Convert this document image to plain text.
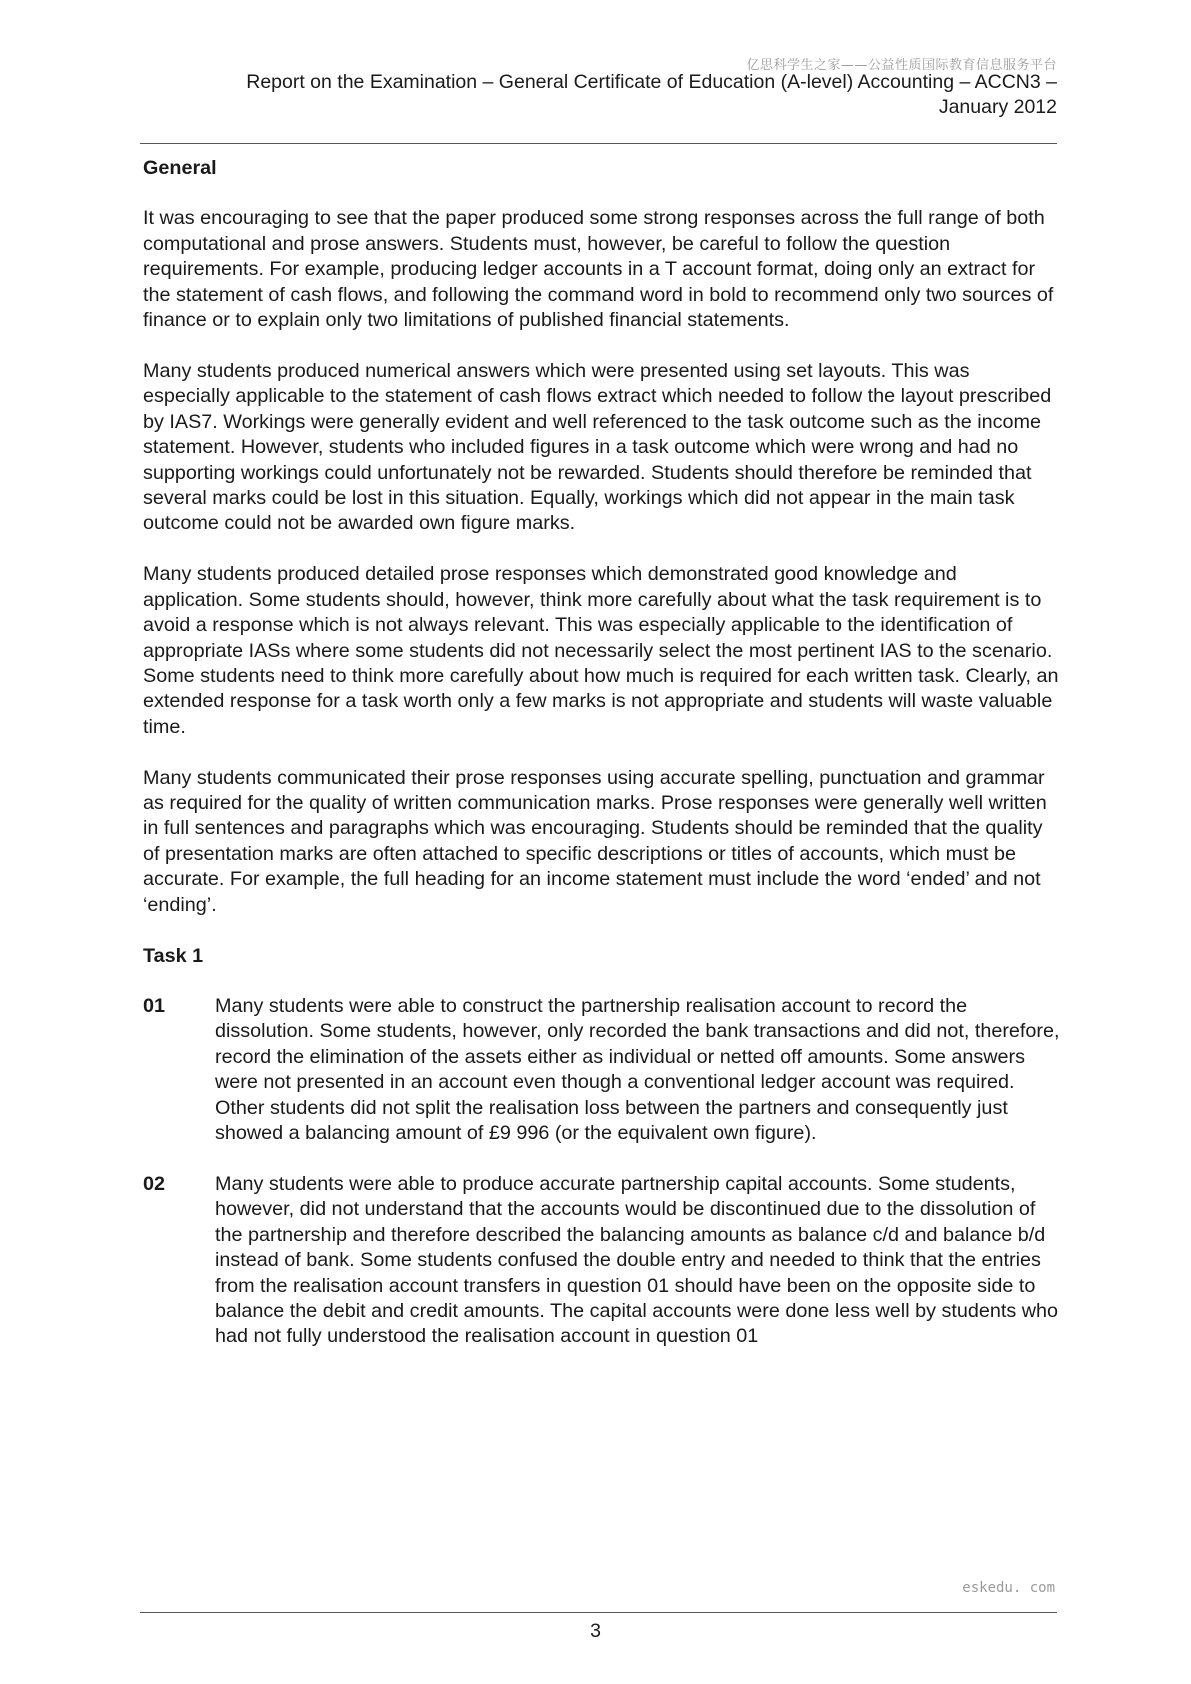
亿思科学生之家——公益性质国际教育信息服务平台
Report on the Examination – General Certificate of Education (A-level) Accounting – ACCN3 –
January 2012
General

It was encouraging to see that the paper produced some strong responses across the full range of both computational and prose answers. Students must, however, be careful to follow the question requirements. For example, producing ledger accounts in a T account format, doing only an extract for the statement of cash flows, and following the command word in bold to recommend only two sources of finance or to explain only two limitations of published financial statements.

Many students produced numerical answers which were presented using set layouts. This was especially applicable to the statement of cash flows extract which needed to follow the layout prescribed by IAS7. Workings were generally evident and well referenced to the task outcome such as the income statement. However, students who included figures in a task outcome which were wrong and had no supporting workings could unfortunately not be rewarded. Students should therefore be reminded that several marks could be lost in this situation. Equally, workings which did not appear in the main task outcome could not be awarded own figure marks.

Many students produced detailed prose responses which demonstrated good knowledge and application. Some students should, however, think more carefully about what the task requirement is to avoid a response which is not always relevant. This was especially applicable to the identification of appropriate IASs where some students did not necessarily select the most pertinent IAS to the scenario. Some students need to think more carefully about how much is required for each written task. Clearly, an extended response for a task worth only a few marks is not appropriate and students will waste valuable time.

Many students communicated their prose responses using accurate spelling, punctuation and grammar as required for the quality of written communication marks. Prose responses were generally well written in full sentences and paragraphs which was encouraging. Students should be reminded that the quality of presentation marks are often attached to specific descriptions or titles of accounts, which must be accurate. For example, the full heading for an income statement must include the word ‘ended’ and not ‘ending’.

Task 1
01	Many students were able to construct the partnership realisation account to record the dissolution. Some students, however, only recorded the bank transactions and did not, therefore, record the elimination of the assets either as individual or netted off amounts. Some answers were not presented in an account even though a conventional ledger account was required. Other students did not split the realisation loss between the partners and consequently just showed a balancing amount of £9 996 (or the equivalent own figure).
02	Many students were able to produce accurate partnership capital accounts. Some students, however, did not understand that the accounts would be discontinued due to the dissolution of the partnership and therefore described the balancing amounts as balance c/d and balance b/d instead of bank. Some students confused the double entry and needed to think that the entries from the realisation account transfers in question 01 should have been on the opposite side to balance the debit and credit amounts. The capital accounts were done less well by students who had not fully understood the realisation account in question 01
eskedu. com
3
